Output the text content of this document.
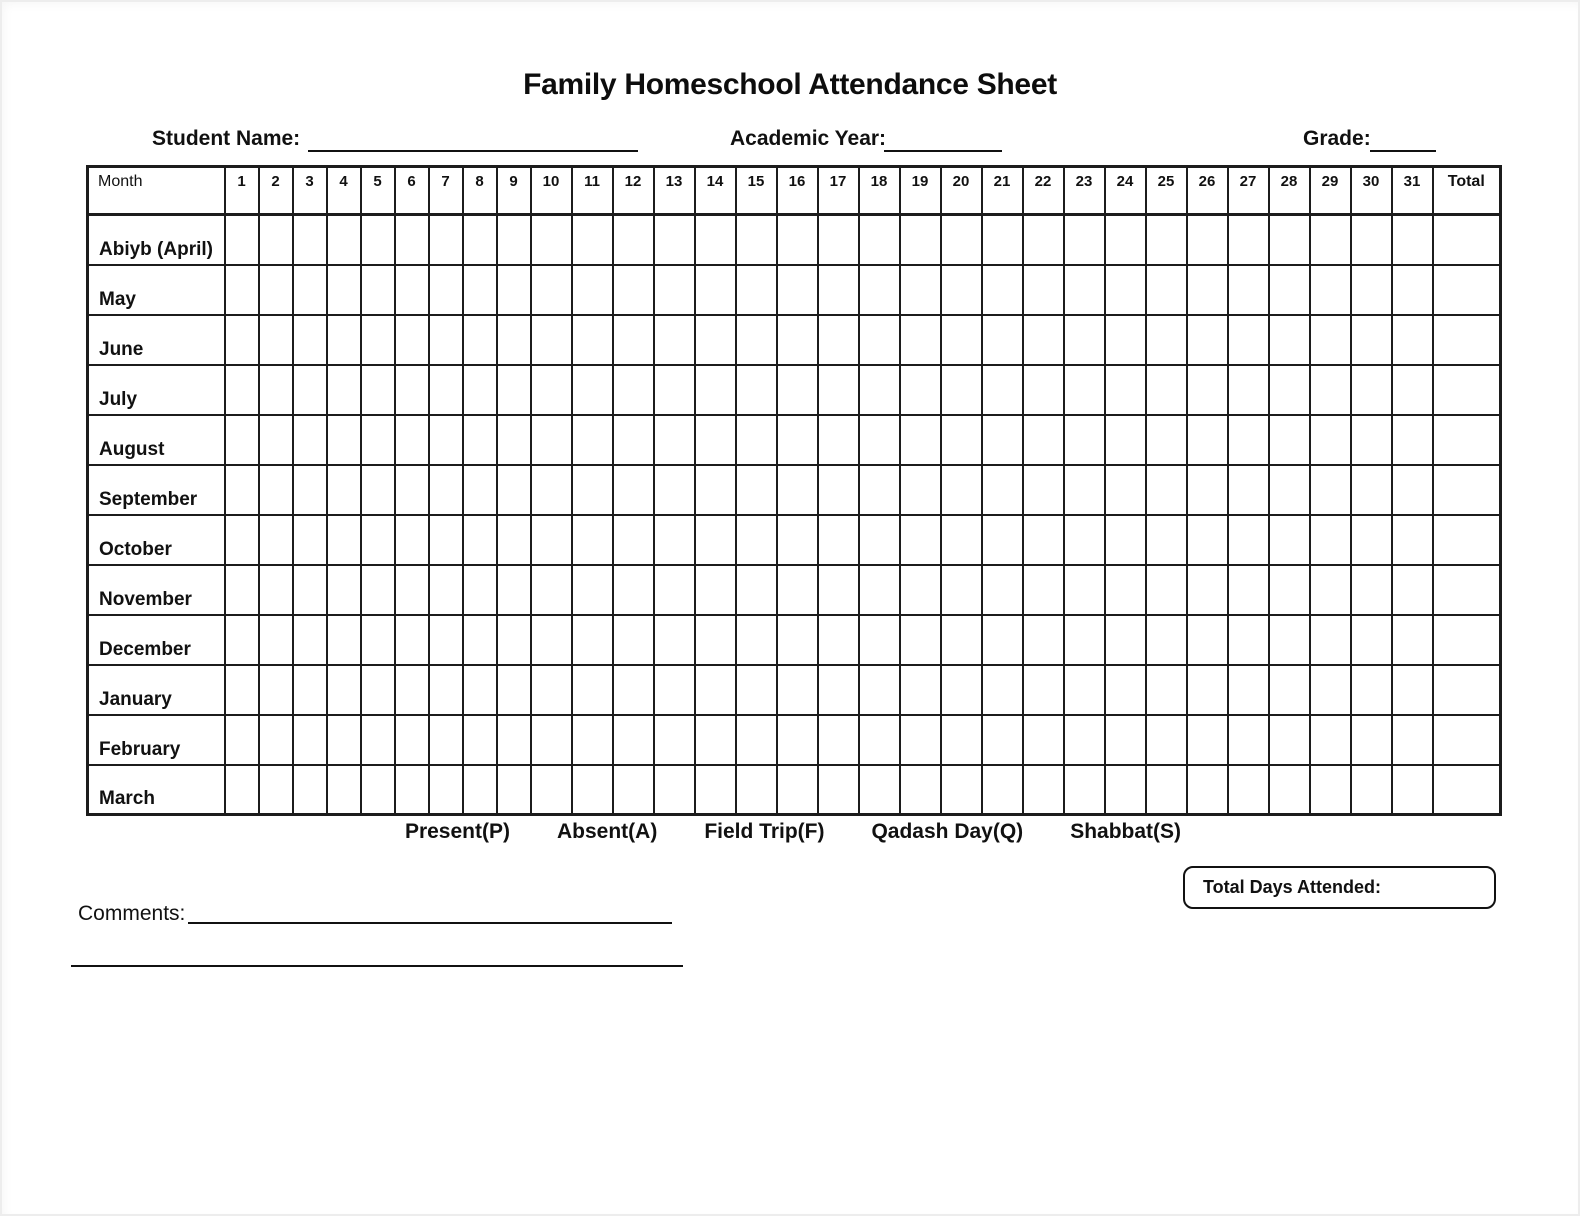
Family Homeschool Attendance Sheet
Student Name:	Academic Year:	Grade:
Month	1	2	3	4	5	6	7	8	9	10	11	12	13	14	15	16	17	18	19	20	21	22	23	24	25	26	27	28	29	30	31	Total
Abiyb (April)																																
May																																
June																																
July																																
August																																
September																																
October																																
November																																
December																																
January																																
February																																
March																																
Present(P) Absent(A) Field Trip(F) Qadash Day(Q) Shabbat(S)
Total Days Attended:
Comments:
